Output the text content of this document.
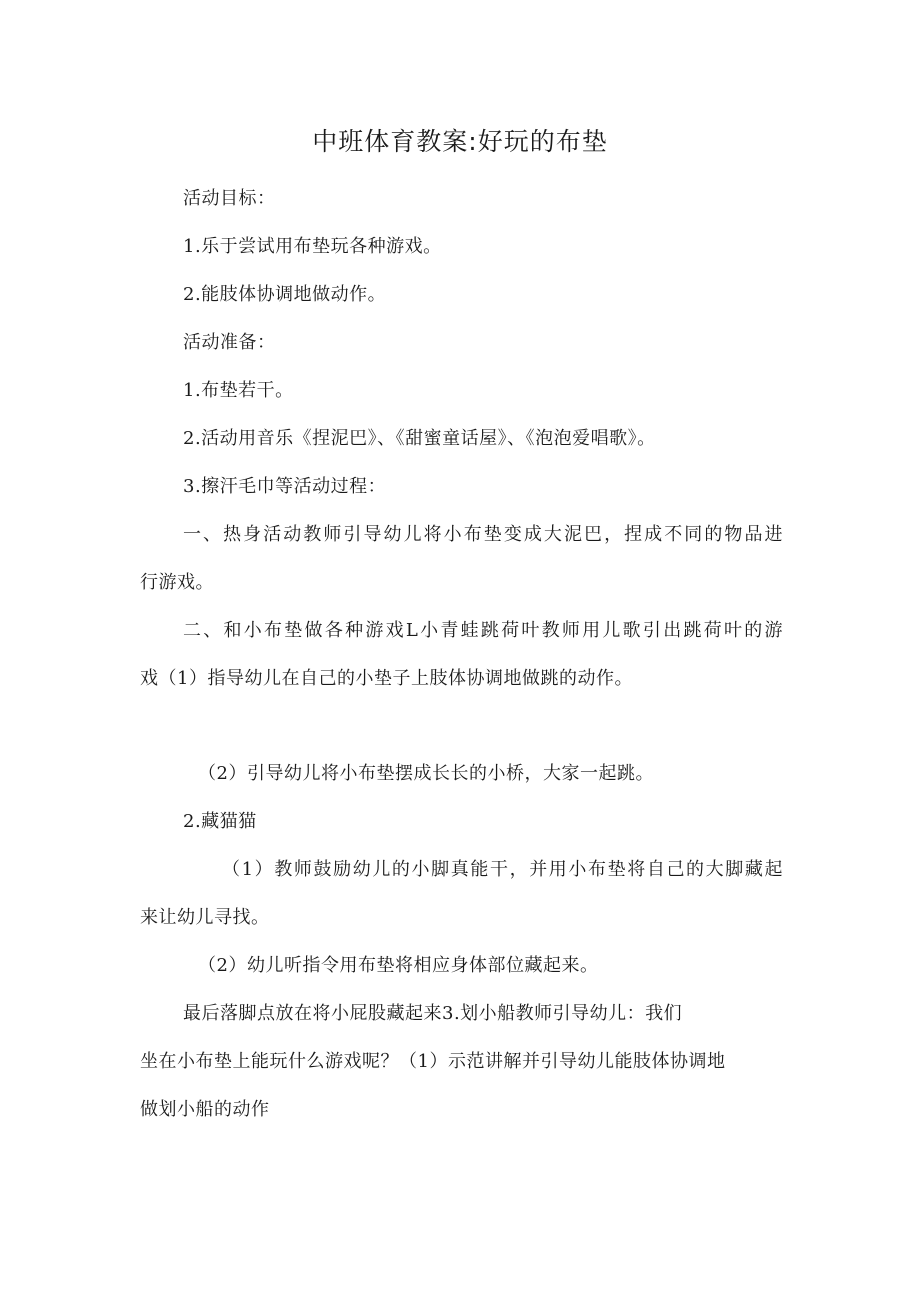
中班体育教案:好玩的布垫
活动目标：
1.乐于尝试用布垫玩各种游戏。
2.能肢体协调地做动作。
活动准备：
1.布垫若干。
2.活动用音乐《捏泥巴》、《甜蜜童话屋》、《泡泡爱唱歌》。
3.擦汗毛巾等活动过程：
一、热身活动教师引导幼儿将小布垫变成大泥巴，捏成不同的物品进
行游戏。
二、和小布垫做各种游戏L小青蛙跳荷叶教师用儿歌引出跳荷叶的游
戏（1）指导幼儿在自己的小垫子上肢体协调地做跳的动作。
（2）引导幼儿将小布垫摆成长长的小桥，大家一起跳。
2.藏猫猫
（1）教师鼓励幼儿的小脚真能干，并用小布垫将自己的大脚藏起
来让幼儿寻找。
（2）幼儿听指令用布垫将相应身体部位藏起来。
最后落脚点放在将小屁股藏起来3.划小船教师引导幼儿：我们
坐在小布垫上能玩什么游戏呢？（1）示范讲解并引导幼儿能肢体协调地
做划小船的动作
